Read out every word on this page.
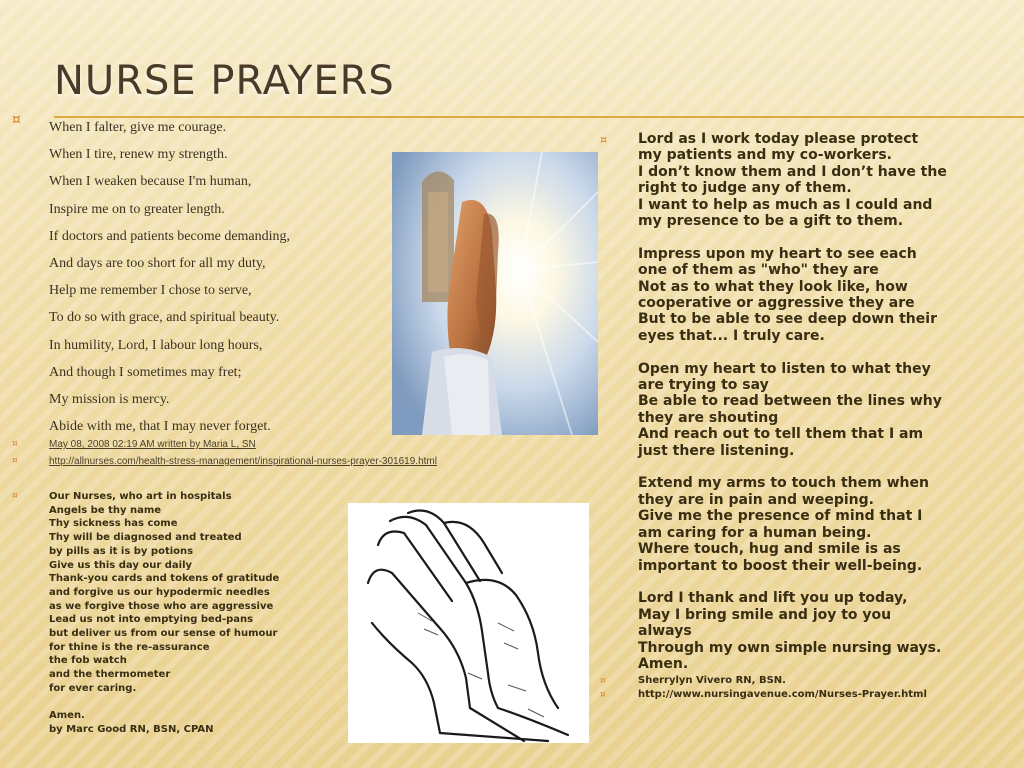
NURSE PRAYERS
¤
¤
¤
¤
¤
¤
¤
When I falter, give me courage.
When I tire, renew my strength.
When I weaken because I'm human,
Inspire me on to greater length.
If doctors and patients become demanding,
And days are too short for all my duty,
Help me remember I chose to serve,
To do so with grace, and spiritual beauty.
In humility, Lord, I labour long hours,
And though I sometimes may fret;
My mission is mercy.
Abide with me, that I may never forget.
May 08, 2008 02:19 AM written by Maria L, SN
http://allnurses.com/health-stress-management/inspirational-nurses-prayer-301619.html
Our Nurses, who art in hospitals
Angels be thy name
Thy sickness has come
Thy will be diagnosed and treated
by pills as it is by potions
Give us this day our daily
Thank-you cards and tokens of gratitude
and forgive us our hypodermic needles
as we forgive those who are aggressive
Lead us not into emptying bed-pans
but deliver us from our sense of humour
for thine is the re-assurance
the fob watch
and the thermometer
for ever caring.
Amen.
by Marc Good RN, BSN, CPAN
Lord as I work today please protect
my patients and my co-workers.
I don’t know them and I don’t have the
right to judge any of them.
I want to help as much as I could and
my presence to be a gift to them.
Impress upon my heart to see each
one of them as "who" they are
Not as to what they look like, how
cooperative or aggressive they are
But to be able to see deep down their
eyes that... I truly care.
Open my heart to listen to what they
are trying to say
Be able to read between the lines why
they are shouting
And reach out to tell them that I am
just there listening.
Extend my arms to touch them when
they are in pain and weeping.
Give me the presence of mind that I
am caring for a human being.
Where touch, hug and smile is as
important to boost their well-being.
Lord I thank and lift you up today,
May I bring smile and joy to you
always
Through my own simple nursing ways.
Amen.
Sherrylyn Vivero RN, BSN.
http://www.nursingavenue.com/Nurses-Prayer.html
